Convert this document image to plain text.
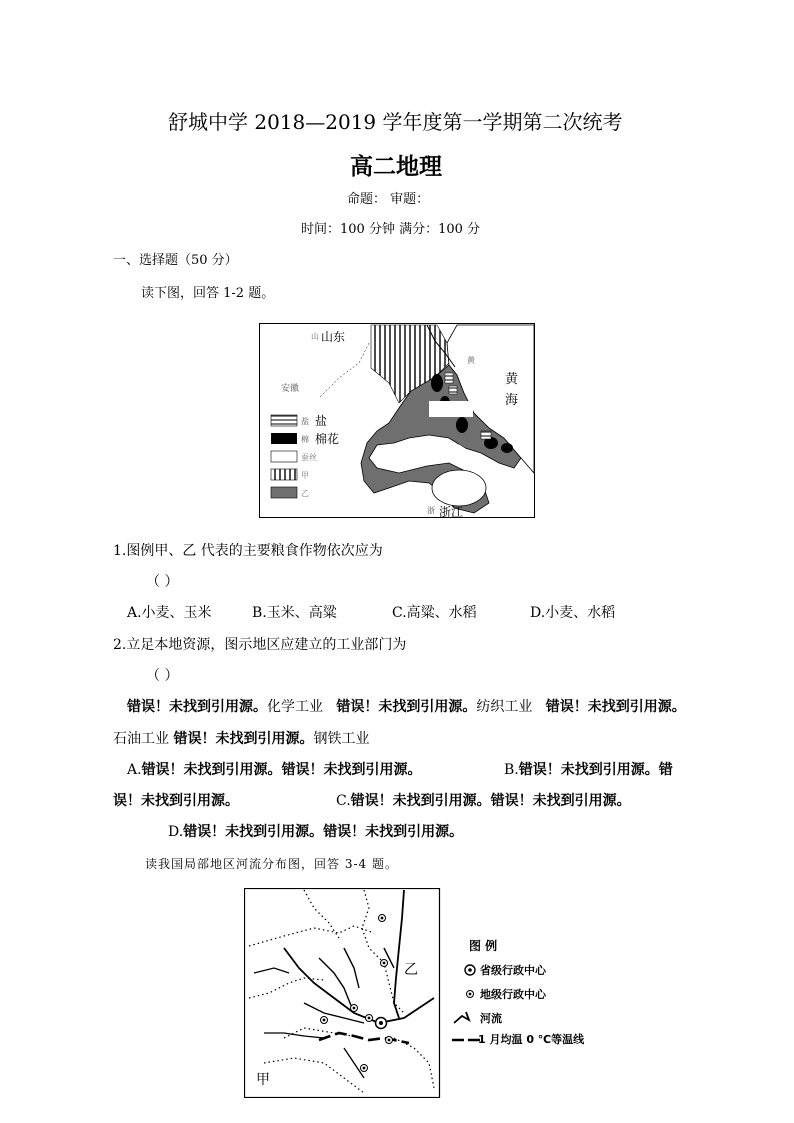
舒城中学 2018—2019 学年度第一学期第二次统考
高二地理
命题： 审题：
时间：100 分钟 满分：100 分
一、选择题（50 分）
读下图，回答 1-2 题。
盐 盐
棉 棉花
蚕丝
甲
乙
山 山东
安徽
黄
黄
海
浙 浙江
1.图例甲、乙 代表的主要粮食作物依次应为
（ ）
A.小麦、玉米	B.玉米、高粱	C.高粱、水稻	D.小麦、水稻
2.立足本地资源，图示地区应建立的工业部门为
（ ）
错误！未找到引用源。化学工业 错误！未找到引用源。纺织工业 错误！未找到引用源。
石油工业 错误！未找到引用源。钢铁工业
A.错误！未找到引用源。错误！未找到引用源。	B.错误！未找到引用源。错
误！未找到引用源。	C.错误！未找到引用源。错误！未找到引用源。
D.错误！未找到引用源。错误！未找到引用源。
读我国局部地区河流分布图，回答 3-4 题。
乙
甲
图 例
省级行政中心
地级行政中心
河流
1 月均温 0 ℃等温线
